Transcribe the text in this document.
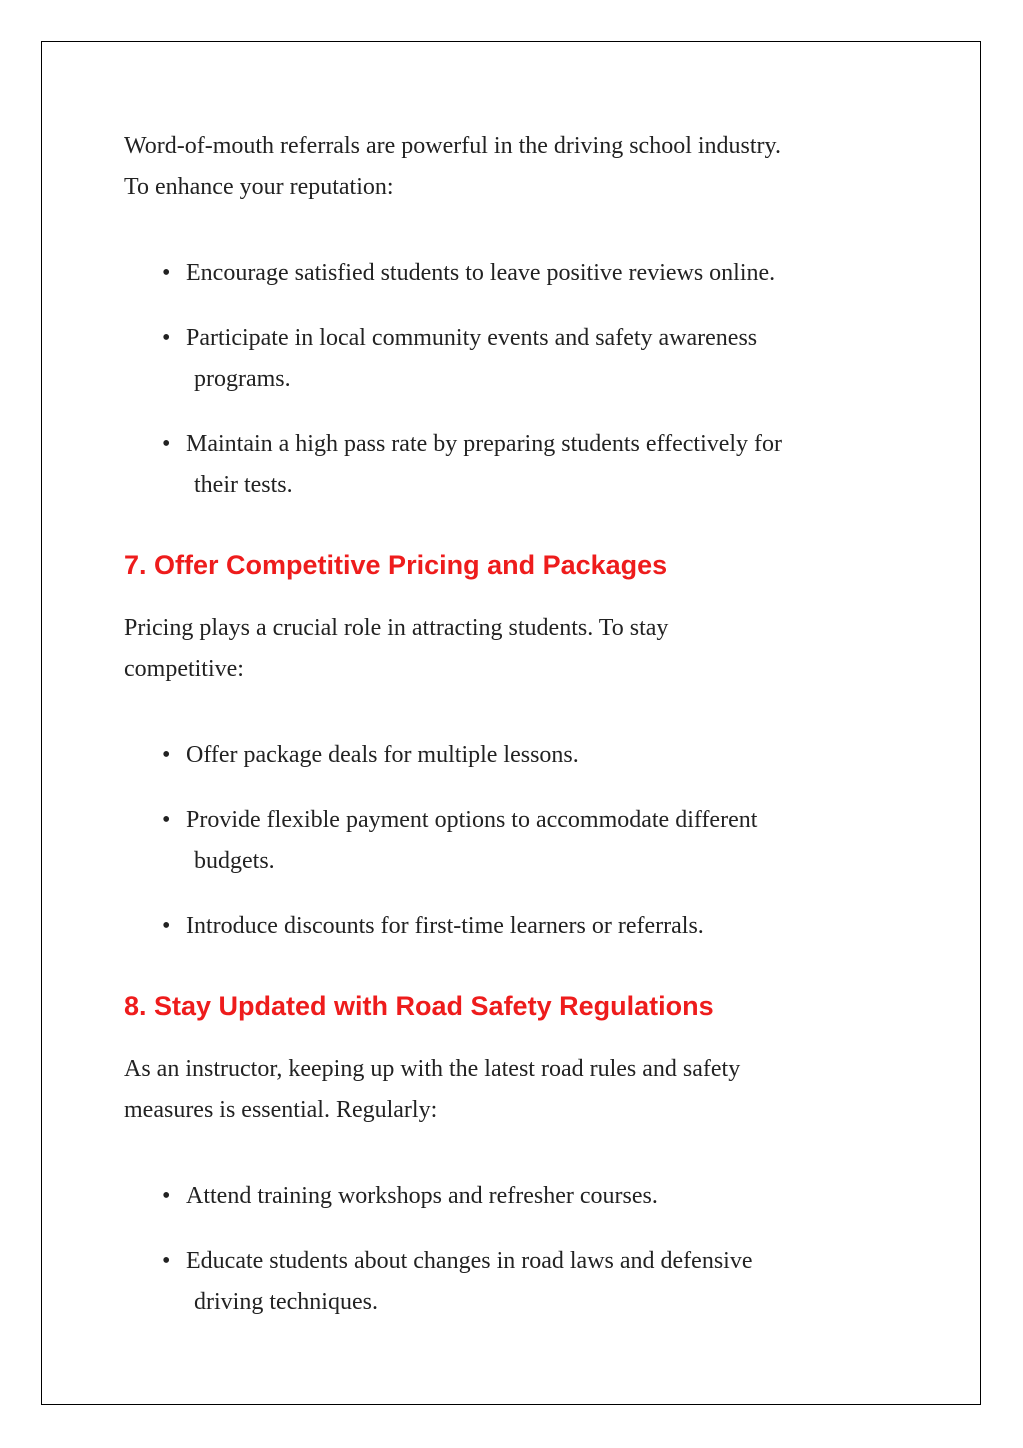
Word-of-mouth referrals are powerful in the driving school industry.
To enhance your reputation:

• Encourage satisfied students to leave positive reviews online.
• Participate in local community events and safety awareness
programs.
• Maintain a high pass rate by preparing students effectively for
their tests.
7. Offer Competitive Pricing and Packages

Pricing plays a crucial role in attracting students. To stay
competitive:

• Offer package deals for multiple lessons.
• Provide flexible payment options to accommodate different
budgets.
• Introduce discounts for first-time learners or referrals.
8. Stay Updated with Road Safety Regulations

As an instructor, keeping up with the latest road rules and safety
measures is essential. Regularly:

• Attend training workshops and refresher courses.
• Educate students about changes in road laws and defensive
driving techniques.
